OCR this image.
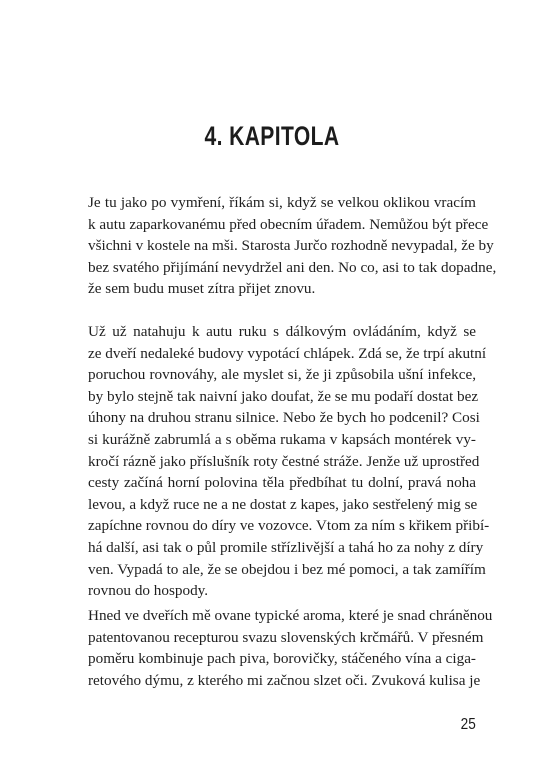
4. KAPITOLA
Je tu jako po vymření, říkám si, když se velkou oklikou vracím
k autu zaparkovanému před obecním úřadem. Nemůžou být přece
všichni v kostele na mši. Starosta Jurčo rozhodně nevypadal, že by
bez svatého přijímání nevydržel ani den. No co, asi to tak dopadne,
že sem budu muset zítra přijet znovu.
Už už natahuju k autu ruku s dálkovým ovládáním, když se
ze dveří nedaleké budovy vypotácí chlápek. Zdá se, že trpí akutní
poruchou rovnováhy, ale myslet si, že ji způsobila ušní infekce,
by bylo stejně tak naivní jako doufat, že se mu podaří dostat bez
úhony na druhou stranu silnice. Nebo že bych ho podcenil? Cosi
si kurážně zabrumlá a s oběma rukama v kapsách montérek vy-
kročí rázně jako příslušník roty čestné stráže. Jenže už uprostřed
cesty začíná horní polovina těla předbíhat tu dolní, pravá noha
levou, a když ruce ne a ne dostat z kapes, jako sestřelený mig se
zapíchne rovnou do díry ve vozovce. Vtom za ním s křikem přibí-
há další, asi tak o půl promile střízlivější a tahá ho za nohy z díry
ven. Vypadá to ale, že se obejdou i bez mé pomoci, a tak zamířím
rovnou do hospody.
Hned ve dveřích mě ovane typické aroma, které je snad chráněnou
patentovanou recepturou svazu slovenských krčmářů. V přesném
poměru kombinuje pach piva, borovičky, stáčeného vína a ciga-
retového dýmu, z kterého mi začnou slzet oči. Zvuková kulisa je
25
